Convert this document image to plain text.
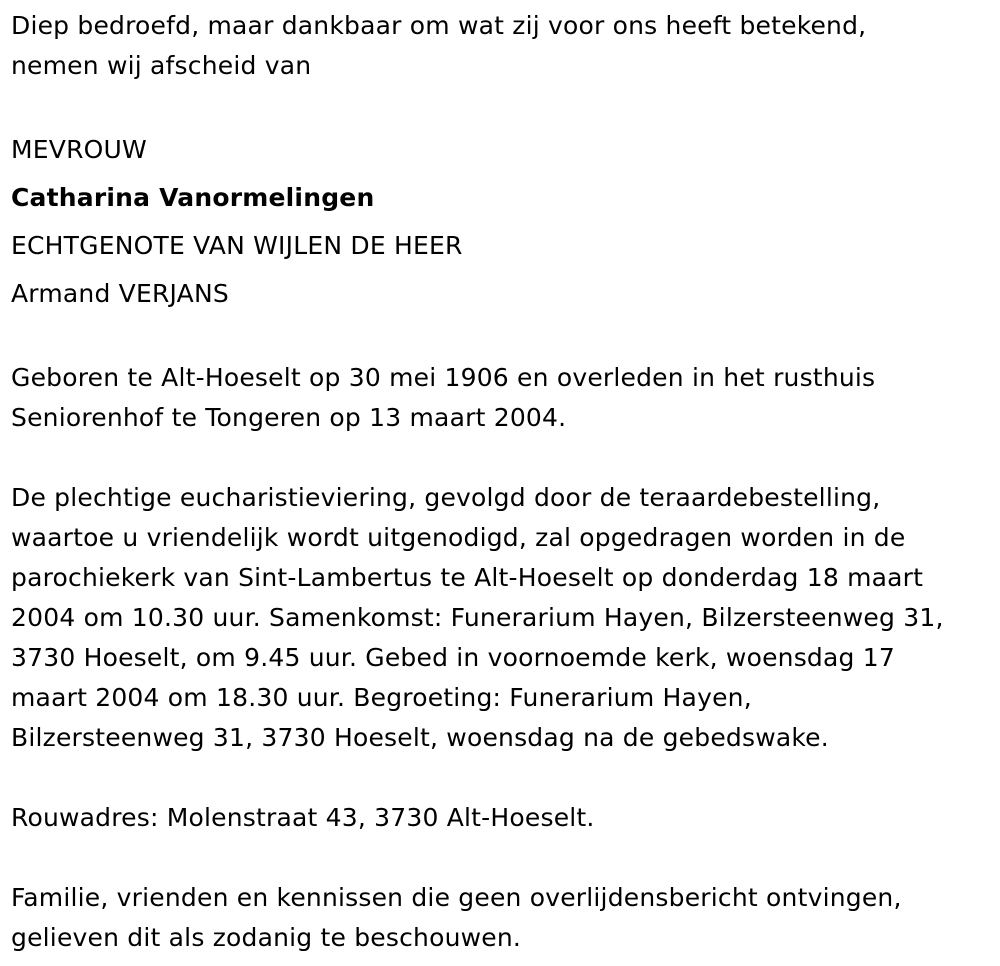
Diep bedroefd, maar dankbaar om wat zij voor ons heeft betekend,
nemen wij afscheid van

MEVROUW
Catharina Vanormelingen
ECHTGENOTE VAN WIJLEN DE HEER
Armand VERJANS

Geboren te Alt-Hoeselt op 30 mei 1906 en overleden in het rusthuis
Seniorenhof te Tongeren op 13 maart 2004.

De plechtige eucharistieviering, gevolgd door de teraardebestelling,
waartoe u vriendelijk wordt uitgenodigd, zal opgedragen worden in de
parochiekerk van Sint-Lambertus te Alt-Hoeselt op donderdag 18 maart
2004 om 10.30 uur. Samenkomst: Funerarium Hayen, Bilzersteenweg 31,
3730 Hoeselt, om 9.45 uur. Gebed in voornoemde kerk, woensdag 17
maart 2004 om 18.30 uur. Begroeting: Funerarium Hayen,
Bilzersteenweg 31, 3730 Hoeselt, woensdag na de gebedswake.

Rouwadres: Molenstraat 43, 3730 Alt-Hoeselt.

Familie, vrienden en kennissen die geen overlijdensbericht ontvingen,
gelieven dit als zodanig te beschouwen.
